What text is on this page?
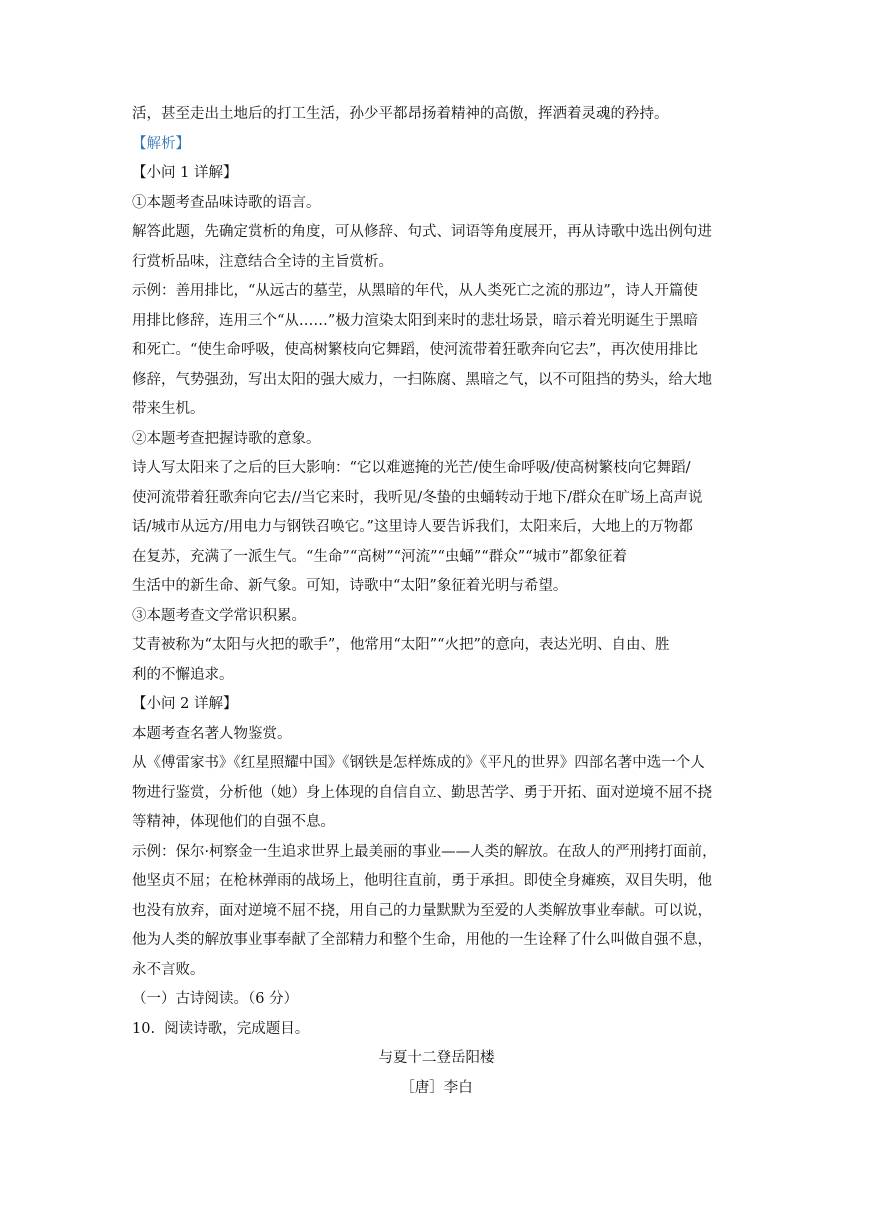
活，甚至走出土地后的打工生活，孙少平都昂扬着精神的高傲，挥洒着灵魂的矜持。

【解析】

【小问 1 详解】

①本题考查品味诗歌的语言。

解答此题，先确定赏析的角度，可从修辞、句式、词语等角度展开，再从诗歌中选出例句进

行赏析品味，注意结合全诗的主旨赏析。

示例：善用排比，“从远古的墓茔，从黑暗的年代，从人类死亡之流的那边”，诗人开篇使

用排比修辞，连用三个“从……”极力渲染太阳到来时的悲壮场景，暗示着光明诞生于黑暗

和死亡。“使生命呼吸，使高树繁枝向它舞蹈，使河流带着狂歌奔向它去”，再次使用排比

修辞，气势强劲，写出太阳的强大威力，一扫陈腐、黑暗之气，以不可阻挡的势头，给大地

带来生机。

②本题考查把握诗歌的意象。

诗人写太阳来了之后的巨大影响：“它以难遮掩的光芒/使生命呼吸/使高树繁枝向它舞蹈/

使河流带着狂歌奔向它去//当它来时，我听见/冬蛰的虫蛹转动于地下/群众在旷场上高声说

话/城市从远方/用电力与钢铁召唤它。”这里诗人要告诉我们，太阳来后，大地上的万物都

在复苏，充满了一派生气。“生命”“高树”“河流”“虫蛹”“群众”“城市”都象征着

生活中的新生命、新气象。可知，诗歌中“太阳”象征着光明与希望。

③本题考查文学常识积累。

艾青被称为“太阳与火把的歌手”，他常用“太阳”“火把”的意向，表达光明、自由、胜

利的不懈追求。

【小问 2 详解】

本题考查名著人物鉴赏。

从《傅雷家书》《红星照耀中国》《钢铁是怎样炼成的》《平凡的世界》四部名著中选一个人

物进行鉴赏，分析他（她）身上体现的自信自立、勤思苦学、勇于开拓、面对逆境不屈不挠

等精神，体现他们的自强不息。

示例：保尔·柯察金一生追求世界上最美丽的事业——人类的解放。在敌人的严刑拷打面前，

他坚贞不屈；在枪林弹雨的战场上，他明往直前，勇于承担。即使全身瘫痪，双目失明，他

也没有放弃，面对逆境不屈不挠，用自己的力量默默为至爱的人类解放事业奉献。可以说，

他为人类的解放事业事奉献了全部精力和整个生命，用他的一生诠释了什么叫做自强不息，

永不言败。

（一）古诗阅读。（6 分）

10.  阅读诗歌，完成题目。

与夏十二登岳阳楼

［唐］李白
